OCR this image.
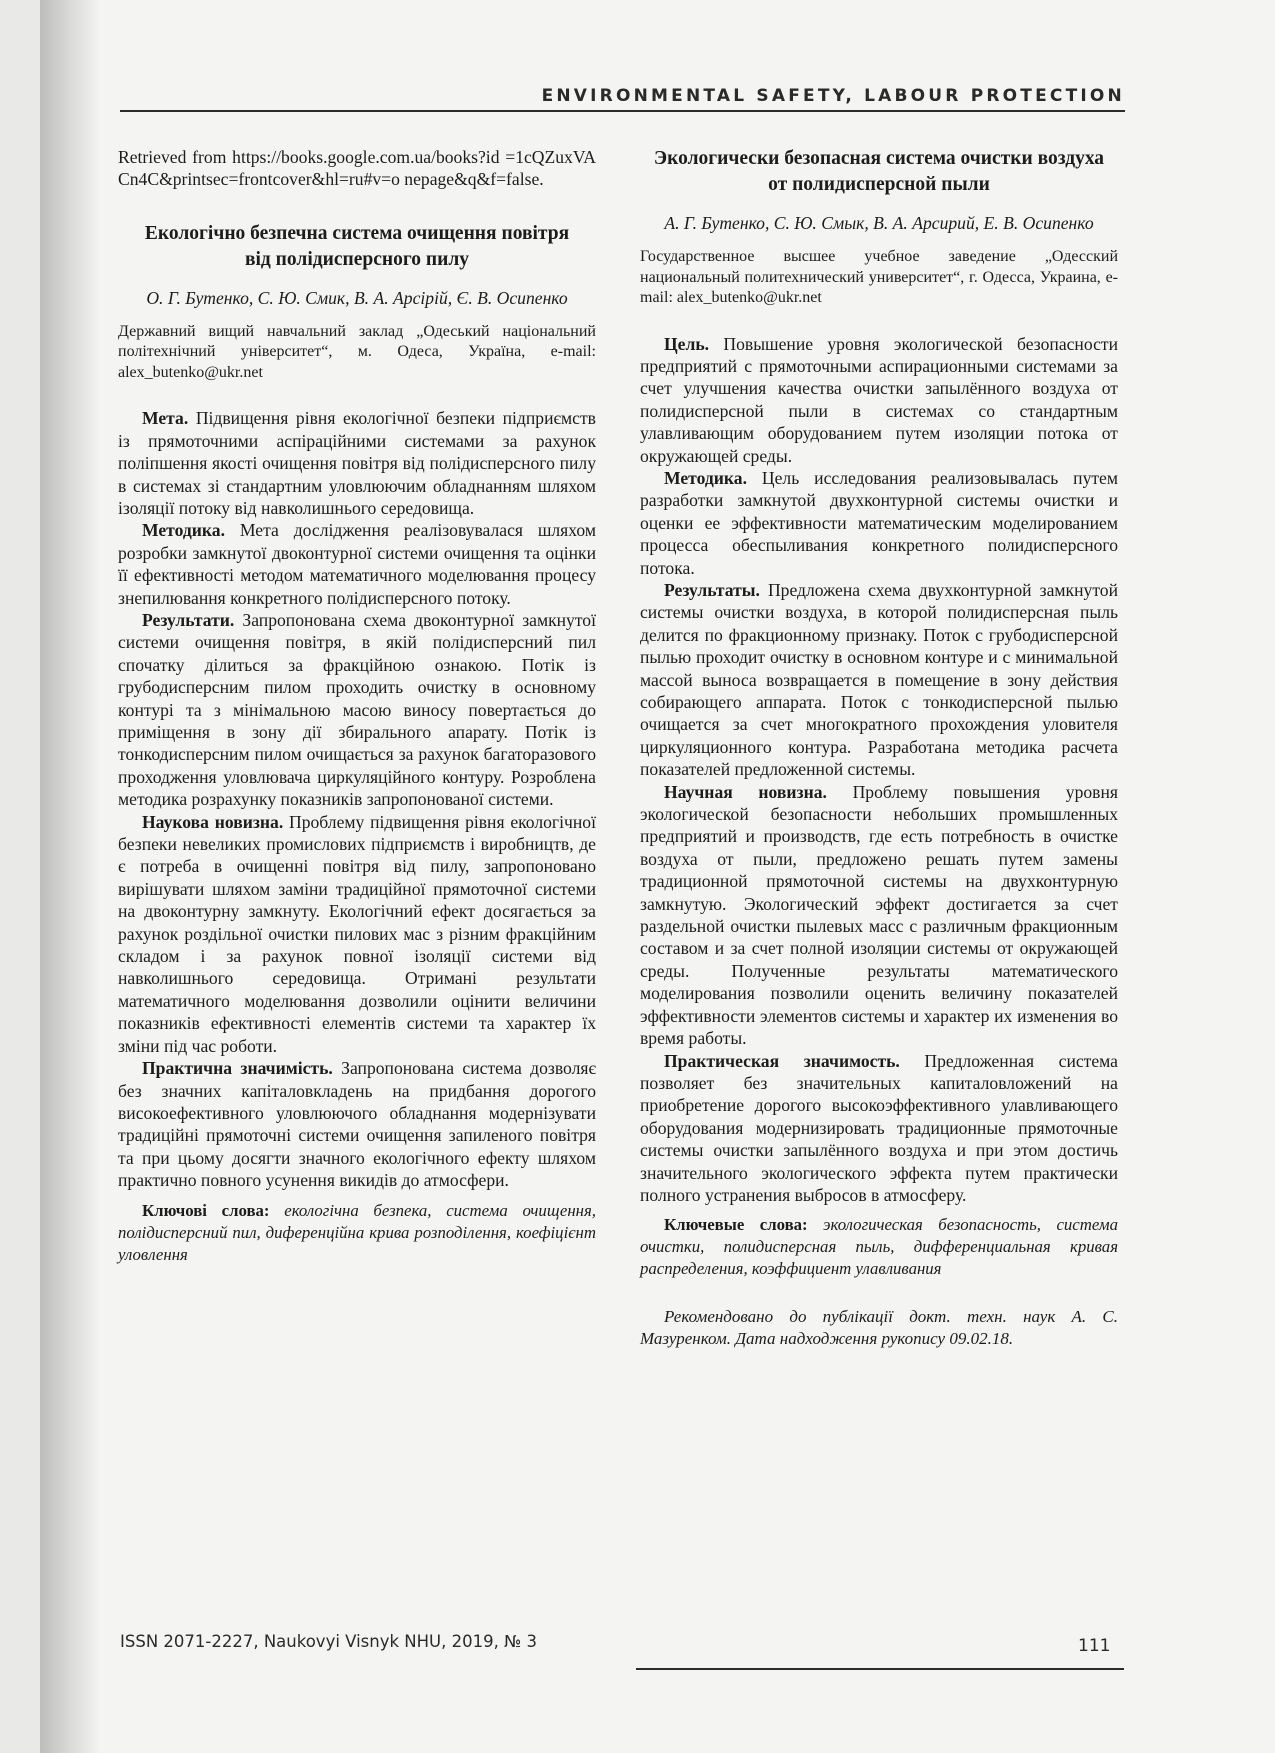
ENVIRONMENTAL SAFETY, LABOUR PROTECTION
Retrieved from https://books.google.com.ua/books?id =1cQZuxVACn4C&printsec=frontcover&hl=ru#v=o nepage&q&f=false.
Екологічно безпечна система очищення повітря від полідисперсного пилу
О. Г. Бутенко, С. Ю. Смик, В. А. Арсірій, Є. В. Осипенко
Державний вищий навчальний заклад „Одеський національний політехнічний університет“, м. Одеса, Україна, e-mail: alex_butenko@ukr.net

Мета. Підвищення рівня екологічної безпеки підприємств із прямоточними аспіраційними системами за рахунок поліпшення якості очищення повітря від полідисперсного пилу в системах зі стандартним уловлюючим обладнанням шляхом ізоляції потоку від навколишнього середовища.

Методика. Мета дослідження реалізовувалася шляхом розробки замкнутої двоконтурної системи очищення та оцінки її ефективності методом математичного моделювання процесу знепилювання конкретного полідисперсного потоку.

Результати. Запропонована схема двоконтурної замкнутої системи очищення повітря, в якій полідисперсний пил спочатку ділиться за фракційною ознакою. Потік із грубодисперсним пилом проходить очистку в основному контурі та з мінімальною масою виносу повертається до приміщення в зону дії збирального апарату. Потік із тонкодисперсним пилом очищається за рахунок багаторазового проходження уловлювача циркуляційного контуру. Розроблена методика розрахунку показників запропонованої системи.

Наукова новизна. Проблему підвищення рівня екологічної безпеки невеликих промислових підприємств і виробництв, де є потреба в очищенні повітря від пилу, запропоновано вирішувати шляхом заміни традиційної прямоточної системи на двоконтурну замкнуту. Екологічний ефект досягається за рахунок роздільної очистки пилових мас з різним фракційним складом і за рахунок повної ізоляції системи від навколишнього середовища. Отримані результати математичного моделювання дозволили оцінити величини показників ефективності елементів системи та характер їх зміни під час роботи.

Практична значимість. Запропонована система дозволяє без значних капіталовкладень на придбання дорогого високоефективного уловлюючого обладнання модернізувати традиційні прямоточні системи очищення запиленого повітря та при цьому досягти значного екологічного ефекту шляхом практично повного усунення викидів до атмосфери.

Ключові слова: екологічна безпека, система очищення, полідисперсний пил, диференційна крива розподілення, коефіцієнт уловлення

Экологически безопасная система очистки воздуха от полидисперсной пыли
А. Г. Бутенко, С. Ю. Смык, В. А. Арсирий, Е. В. Осипенко
Государственное высшее учебное заведение „Одесский национальный политехнический университет“, г. Одесса, Украина, e-mail: alex_butenko@ukr.net

Цель. Повышение уровня экологической безопасности предприятий с прямоточными аспирационными системами за счет улучшения качества очистки запылённого воздуха от полидисперсной пыли в системах со стандартным улавливающим оборудованием путем изоляции потока от окружающей среды.

Методика. Цель исследования реализовывалась путем разработки замкнутой двухконтурной системы очистки и оценки ее эффективности математическим моделированием процесса обеспыливания конкретного полидисперсного потока.

Результаты. Предложена схема двухконтурной замкнутой системы очистки воздуха, в которой полидисперсная пыль делится по фракционному признаку. Поток с грубодисперсной пылью проходит очистку в основном контуре и с минимальной массой выноса возвращается в помещение в зону действия собирающего аппарата. Поток с тонкодисперсной пылью очищается за счет многократного прохождения уловителя циркуляционного контура. Разработана методика расчета показателей предложенной системы.

Научная новизна. Проблему повышения уровня экологической безопасности небольших промышленных предприятий и производств, где есть потребность в очистке воздуха от пыли, предложено решать путем замены традиционной прямоточной системы на двухконтурную замкнутую. Экологический эффект достигается за счет раздельной очистки пылевых масс с различным фракционным составом и за счет полной изоляции системы от окружающей среды. Полученные результаты математического моделирования позволили оценить величину показателей эффективности элементов системы и характер их изменения во время работы.

Практическая значимость. Предложенная система позволяет без значительных капиталовложений на приобретение дорогого высокоэффективного улавливающего оборудования модернизировать традиционные прямоточные системы очистки запылённого воздуха и при этом достичь значительного экологического эффекта путем практически полного устранения выбросов в атмосферу.

Ключевые слова: экологическая безопасность, система очистки, полидисперсная пыль, дифференциальная кривая распределения, коэффициент улавливания

Рекомендовано до публікації докт. техн. наук А. С. Мазуренком. Дата надходження рукопису 09.02.18.
ISSN 2071-2227, Naukovyi Visnyk NHU, 2019, № 3	111
